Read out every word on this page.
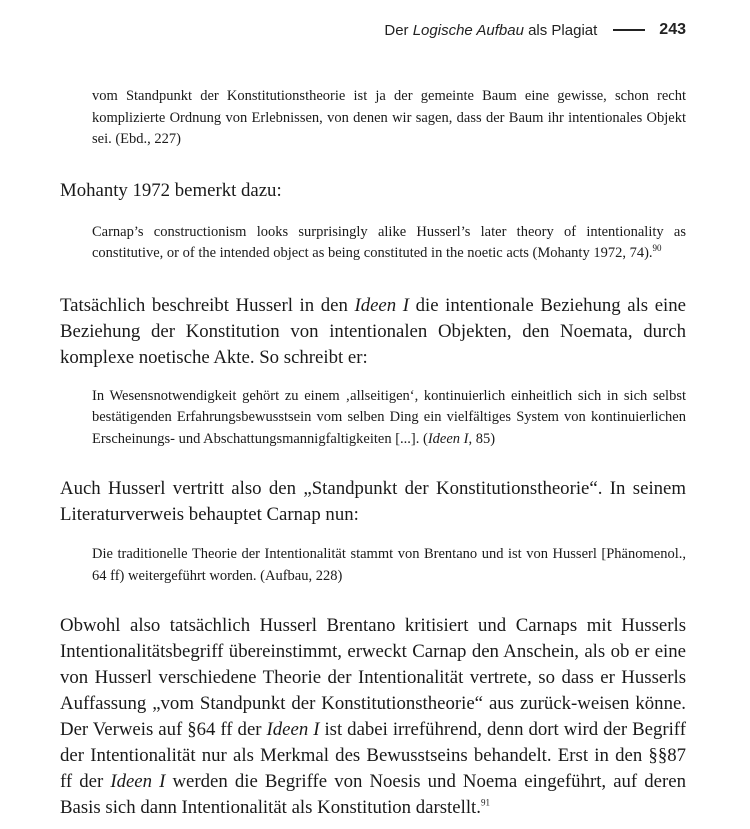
Der Logische Aufbau als Plagiat	243
vom Standpunkt der Konstitutionstheorie ist ja der gemeinte Baum eine gewisse, schon recht komplizierte Ordnung von Erlebnissen, von denen wir sagen, dass der Baum ihr intentionales Objekt sei. (Ebd., 227)
Mohanty 1972 bemerkt dazu:
Carnap’s constructionism looks surprisingly alike Husserl’s later theory of intentionality as constitutive, or of the intended object as being constituted in the noetic acts (Mohanty 1972, 74).$^{90}$
Tatsächlich beschreibt Husserl in den Ideen I die intentionale Beziehung als eine Beziehung der Konstitution von intentionalen Objekten, den Noemata, durch komplexe noetische Akte. So schreibt er:
In Wesensnotwendigkeit gehört zu einem ‚allseitigen‘, kontinuierlich einheitlich sich in sich selbst bestätigenden Erfahrungsbewusstsein vom selben Ding ein vielfältiges System von kontinuierlichen Erscheinungs- und Abschattungsmannigfaltigkeiten [...]. (Ideen I, 85)
Auch Husserl vertritt also den „Standpunkt der Konstitutionstheorie“. In seinem Literaturverweis behauptet Carnap nun:
Die traditionelle Theorie der Intentionalität stammt von Brentano und ist von Husserl [Phänomenol., 64 ff) weitergeführt worden. (Aufbau, 228)
Obwohl also tatsächlich Husserl Brentano kritisiert und Carnaps mit Husserls Intentionalitätsbegriff übereinstimmt, erweckt Carnap den Anschein, als ob er eine von Husserl verschiedene Theorie der Intentionalität vertrete, so dass er Husserls Auffassung „vom Standpunkt der Konstitutionstheorie“ aus zurück-weisen könne. Der Verweis auf §64 ff der Ideen I ist dabei irreführend, denn dort wird der Begriff der Intentionalität nur als Merkmal des Bewusstseins behandelt. Erst in den §§87 ff der Ideen I werden die Begriffe von Noesis und Noema eingeführt, auf deren Basis sich dann Intentionalität als Konstitution darstellt.$^{91}$
